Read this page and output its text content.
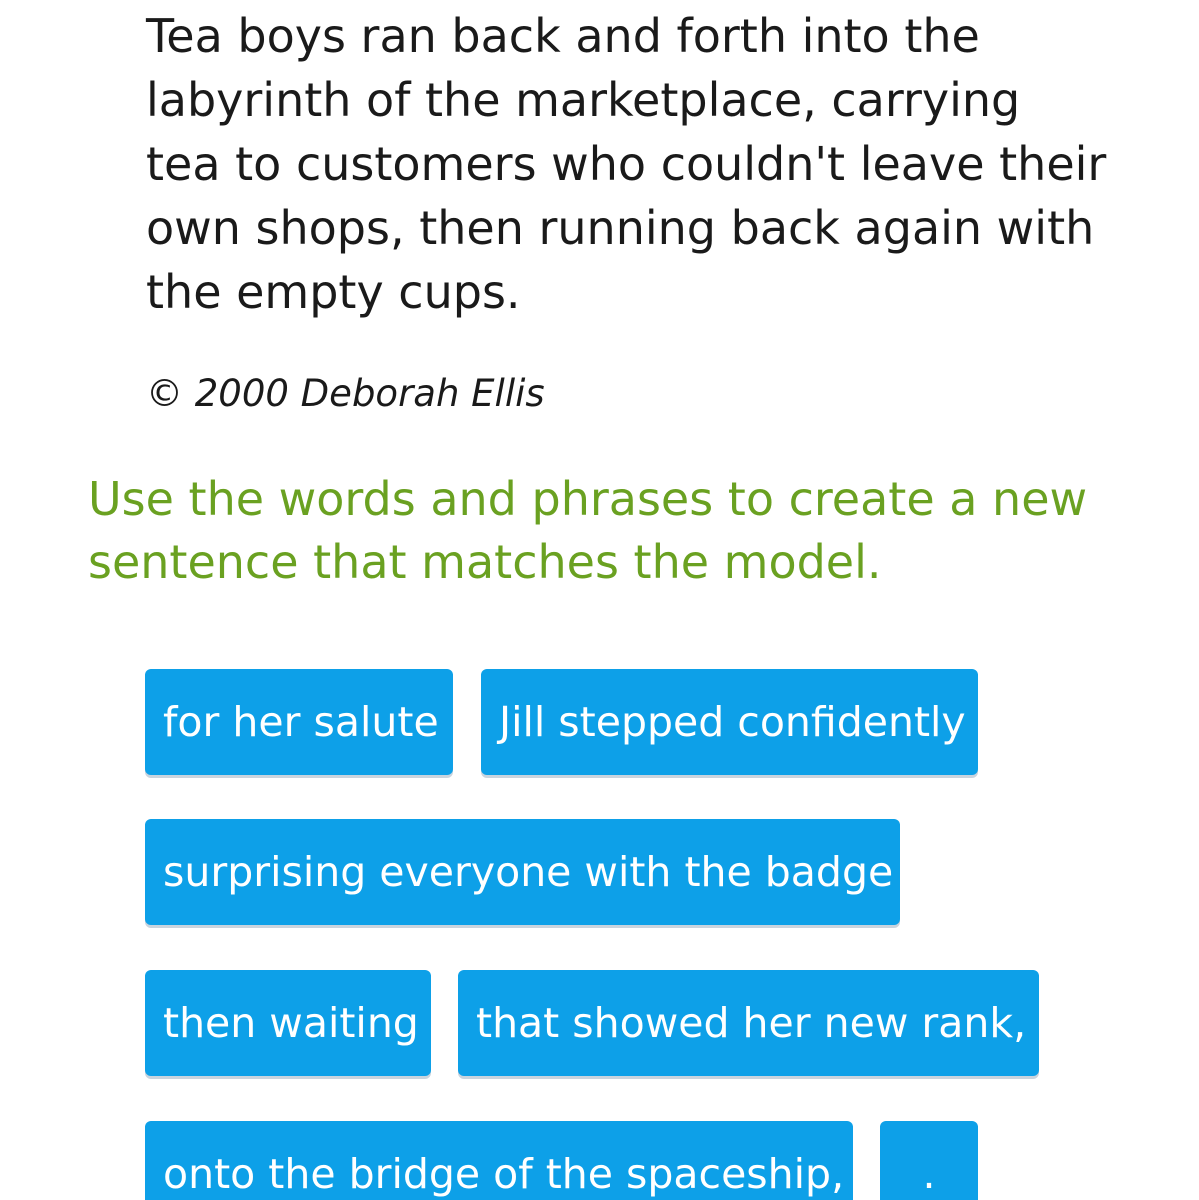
Tea boys ran back and forth into the
labyrinth of the marketplace, carrying
tea to customers who couldn't leave their
own shops, then running back again with
the empty cups.

© 2000 Deborah Ellis

Use the words and phrases to create a new
sentence that matches the model.

for her salute	Jill stepped confidently
surprising everyone with the badge
then waiting	that showed her new rank,
onto the bridge of the spaceship,	.
